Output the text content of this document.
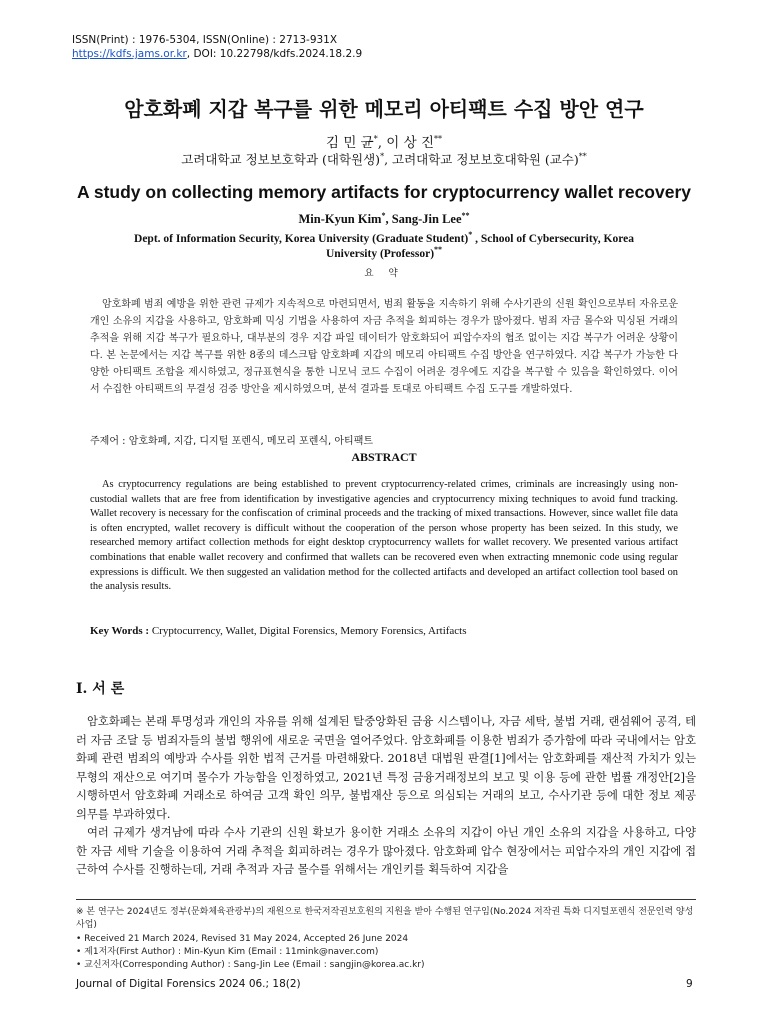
ISSN(Print) : 1976-5304, ISSN(Online) : 2713-931X
https://kdfs.jams.or.kr, DOI: 10.22798/kdfs.2024.18.2.9
암호화폐 지갑 복구를 위한 메모리 아티팩트 수집 방안 연구
김 민 균*, 이 상 진**
고려대학교 정보보호학과 (대학원생)*, 고려대학교 정보보호대학원 (교수)**
A study on collecting memory artifacts for cryptocurrency wallet recovery
Min-Kyun Kim*, Sang-Jin Lee**
Dept. of Information Security, Korea University (Graduate Student)* , School of Cybersecurity, Korea University (Professor)**
요 약
암호화폐 범죄 예방을 위한 관련 규제가 지속적으로 마련되면서, 범죄 활동을 지속하기 위해 수사기관의 신원 확인으로부터 자유로운 개인 소유의 지갑을 사용하고, 암호화폐 믹싱 기법을 사용하여 자금 추적을 회피하는 경우가 많아졌다. 범죄 자금 몰수와 믹싱된 거래의 추적을 위해 지갑 복구가 필요하나, 대부분의 경우 지갑 파일 데이터가 암호화되어 피압수자의 협조 없이는 지갑 복구가 어려운 상황이다. 본 논문에서는 지갑 복구를 위한 8종의 데스크탑 암호화폐 지갑의 메모리 아티팩트 수집 방안을 연구하였다. 지갑 복구가 가능한 다양한 아티팩트 조합을 제시하였고, 정규표현식을 통한 니모닉 코드 수집이 어려운 경우에도 지갑을 복구할 수 있음을 확인하였다. 이어서 수집한 아티팩트의 무결성 검증 방안을 제시하였으며, 분석 결과를 토대로 아티팩트 수집 도구를 개발하였다.
주제어 : 암호화폐, 지갑, 디지털 포렌식, 메모리 포렌식, 아티팩트
ABSTRACT
As cryptocurrency regulations are being established to prevent cryptocurrency-related crimes, criminals are increasingly using non-custodial wallets that are free from identification by investigative agencies and cryptocurrency mixing techniques to avoid fund tracking. Wallet recovery is necessary for the confiscation of criminal proceeds and the tracking of mixed transactions. However, since wallet file data is often encrypted, wallet recovery is difficult without the cooperation of the person whose property has been seized. In this study, we researched memory artifact collection methods for eight desktop cryptocurrency wallets for wallet recovery. We presented various artifact combinations that enable wallet recovery and confirmed that wallets can be recovered even when extracting mnemonic code using regular expressions is difficult. We then suggested an validation method for the collected artifacts and developed an artifact collection tool based on the analysis results.
Key Words : Cryptocurrency, Wallet, Digital Forensics, Memory Forensics, Artifacts
Ⅰ. 서 론

암호화폐는 본래 투명성과 개인의 자유를 위해 설계된 탈중앙화된 금융 시스템이나, 자금 세탁, 불법 거래, 랜섬웨어 공격, 테러 자금 조달 등 범죄자들의 불법 행위에 새로운 국면을 열어주었다. 암호화폐를 이용한 범죄가 증가함에 따라 국내에서는 암호화폐 관련 범죄의 예방과 수사를 위한 법적 근거를 마련해왔다. 2018년 대법원 판결[1]에서는 암호화폐를 재산적 가치가 있는 무형의 재산으로 여기며 몰수가 가능함을 인정하였고, 2021년 특정 금융거래정보의 보고 및 이용 등에 관한 법률 개정안[2]을 시행하면서 암호화폐 거래소로 하여금 고객 확인 의무, 불법재산 등으로 의심되는 거래의 보고, 수사기관 등에 대한 정보 제공 의무를 부과하였다.

여러 규제가 생겨남에 따라 수사 기관의 신원 확보가 용이한 거래소 소유의 지갑이 아닌 개인 소유의 지갑을 사용하고, 다양한 자금 세탁 기술을 이용하여 거래 추적을 회피하려는 경우가 많아졌다. 암호화폐 압수 현장에서는 피압수자의 개인 지갑에 접근하여 수사를 진행하는데, 거래 추적과 자금 몰수를 위해서는 개인키를 획득하여 지갑을

※ 본 연구는 2024년도 정부(문화체육관광부)의 재원으로 한국저작권보호원의 지원을 받아 수행된 연구임(No.2024 저작권 특화 디지털포렌식 전문인력 양성사업)
• Received 21 March 2024, Revised 31 May 2024, Accepted 26 June 2024
• 제1저자(First Author) : Min-Kyun Kim (Email : 11mink@naver.com)
• 교신저자(Corresponding Author) : Sang-Jin Lee (Email : sangjin@korea.ac.kr)
Journal of Digital Forensics 2024 06.; 18(2)	9
